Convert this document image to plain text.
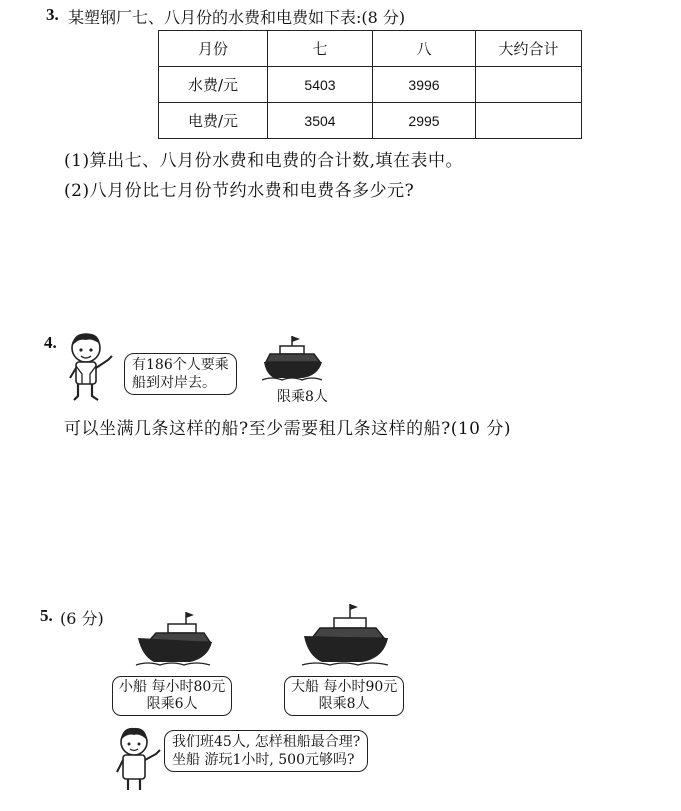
3. 某塑钢厂七、八月份的水费和电费如下表:(8 分)
月份	七	八	大约合计
水费/元	5403	3996	
电费/元	3504	2995	
(1)算出七、八月份水费和电费的合计数,填在表中。
(2)八月份比七月份节约水费和电费各多少元?
4.
有186个人要乘
船到对岸去。
限乘8人
可以坐满几条这样的船?至少需要租几条这样的船?(10 分)
5. (6 分)
小船 每小时80元
限乘6人
大船 每小时90元
限乘8人
我们班45人, 怎样租船最合理?
坐船 游玩1小时, 500元够吗?
